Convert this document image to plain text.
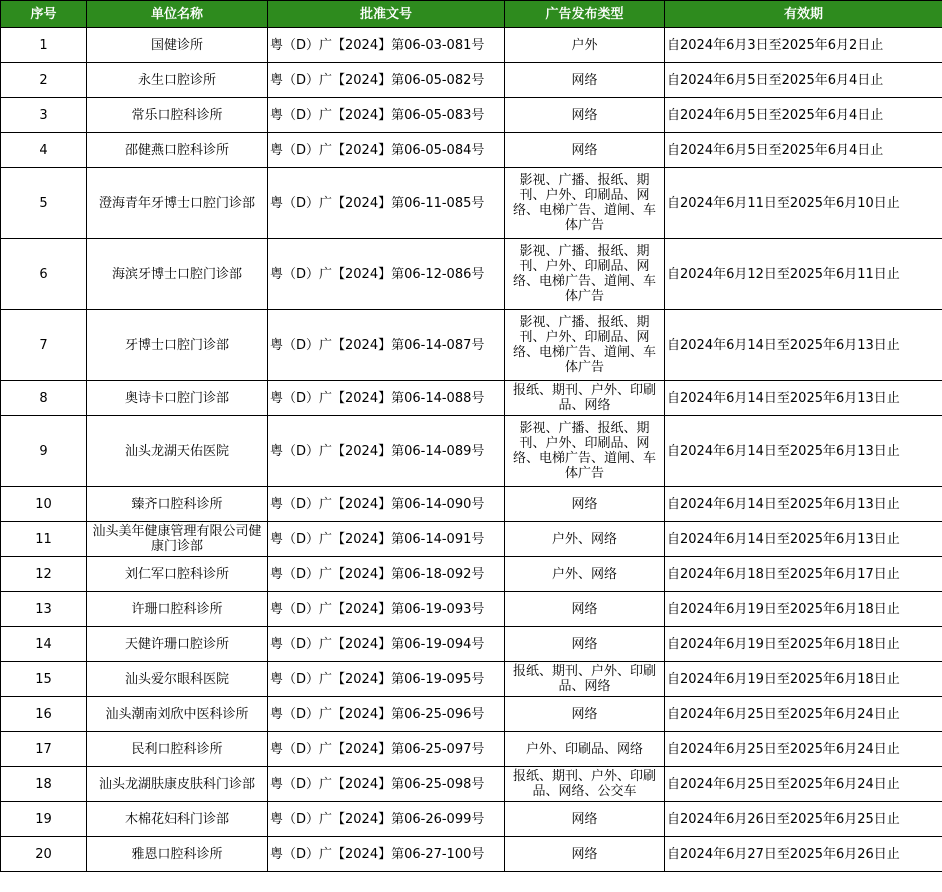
序号	单位名称	批准文号	广告发布类型	有效期
1	国健诊所	粤（D）广【2024】第06-03-081号	户外	自2024年6月3日至2025年6月2日止
2	永生口腔诊所	粤（D）广【2024】第06-05-082号	网络	自2024年6月5日至2025年6月4日止
3	常乐口腔科诊所	粤（D）广【2024】第06-05-083号	网络	自2024年6月5日至2025年6月4日止
4	邵健燕口腔科诊所	粤（D）广【2024】第06-05-084号	网络	自2024年6月5日至2025年6月4日止
5	澄海青年牙博士口腔门诊部	粤（D）广【2024】第06-11-085号	影视、广播、报纸、期刊、户外、印刷品、网络、电梯广告、道闸、车体广告	自2024年6月11日至2025年6月10日止
6	海滨牙博士口腔门诊部	粤（D）广【2024】第06-12-086号	影视、广播、报纸、期刊、户外、印刷品、网络、电梯广告、道闸、车体广告	自2024年6月12日至2025年6月11日止
7	牙博士口腔门诊部	粤（D）广【2024】第06-14-087号	影视、广播、报纸、期刊、户外、印刷品、网络、电梯广告、道闸、车体广告	自2024年6月14日至2025年6月13日止
8	奥诗卡口腔门诊部	粤（D）广【2024】第06-14-088号	报纸、期刊、户外、印刷品、网络	自2024年6月14日至2025年6月13日止
9	汕头龙湖天佑医院	粤（D）广【2024】第06-14-089号	影视、广播、报纸、期刊、户外、印刷品、网络、电梯广告、道闸、车体广告	自2024年6月14日至2025年6月13日止
10	臻齐口腔科诊所	粤（D）广【2024】第06-14-090号	网络	自2024年6月14日至2025年6月13日止
11	汕头美年健康管理有限公司健康门诊部	粤（D）广【2024】第06-14-091号	户外、网络	自2024年6月14日至2025年6月13日止
12	刘仁军口腔科诊所	粤（D）广【2024】第06-18-092号	户外、网络	自2024年6月18日至2025年6月17日止
13	许珊口腔科诊所	粤（D）广【2024】第06-19-093号	网络	自2024年6月19日至2025年6月18日止
14	天健许珊口腔诊所	粤（D）广【2024】第06-19-094号	网络	自2024年6月19日至2025年6月18日止
15	汕头爱尔眼科医院	粤（D）广【2024】第06-19-095号	报纸、期刊、户外、印刷品、网络	自2024年6月19日至2025年6月18日止
16	汕头潮南刘欣中医科诊所	粤（D）广【2024】第06-25-096号	网络	自2024年6月25日至2025年6月24日止
17	民利口腔科诊所	粤（D）广【2024】第06-25-097号	户外、印刷品、网络	自2024年6月25日至2025年6月24日止
18	汕头龙湖肤康皮肤科门诊部	粤（D）广【2024】第06-25-098号	报纸、期刊、户外、印刷品、网络、公交车	自2024年6月25日至2025年6月24日止
19	木棉花妇科门诊部	粤（D）广【2024】第06-26-099号	网络	自2024年6月26日至2025年6月25日止
20	雅恩口腔科诊所	粤（D）广【2024】第06-27-100号	网络	自2024年6月27日至2025年6月26日止
